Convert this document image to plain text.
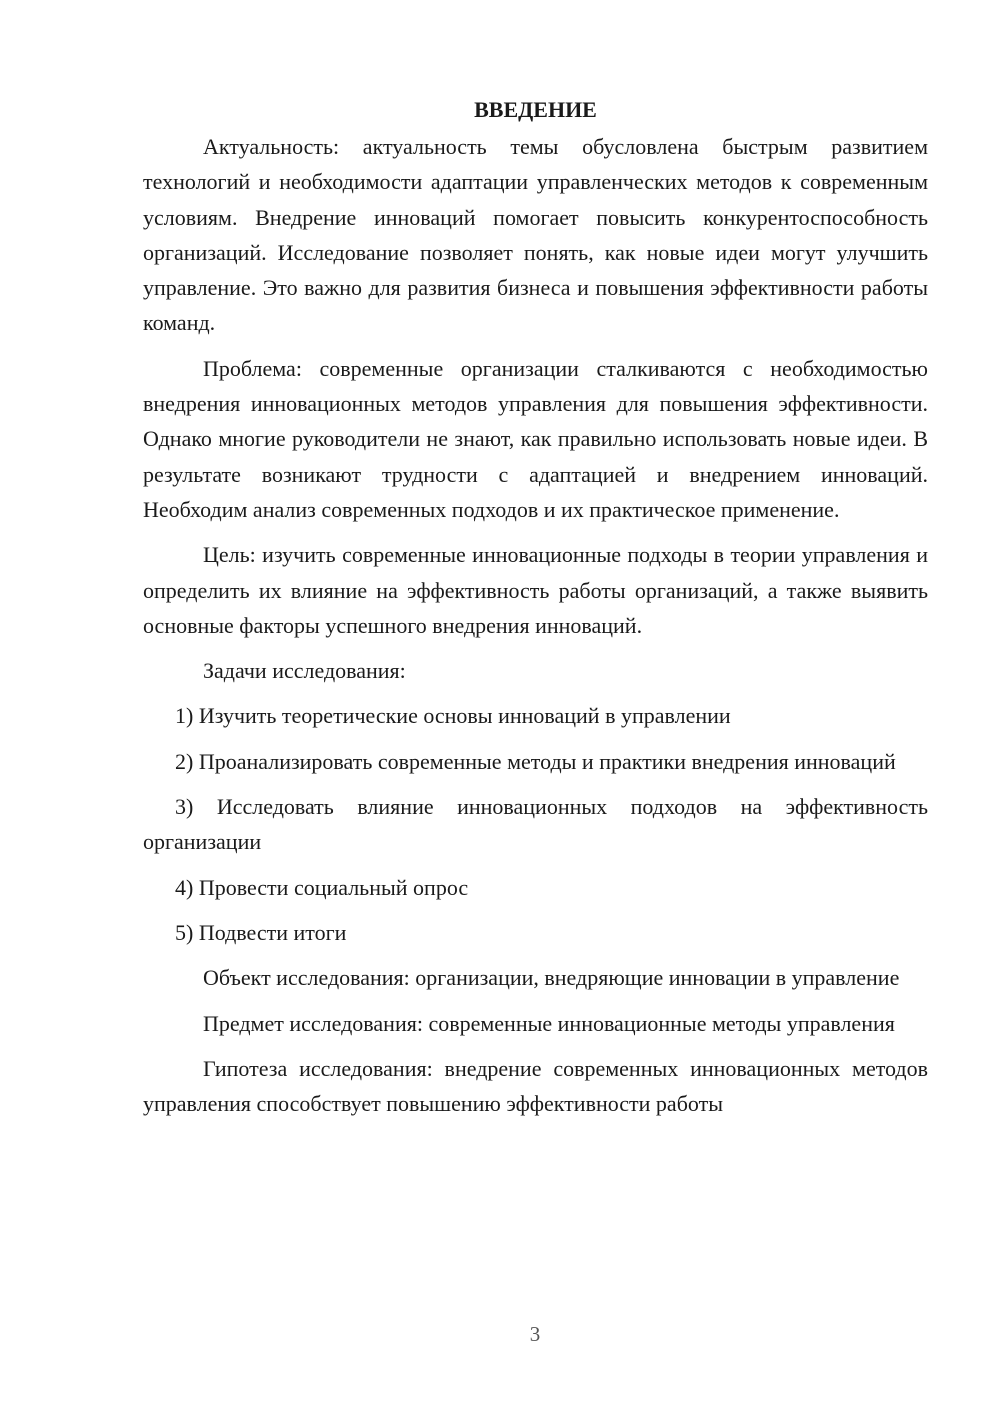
ВВЕДЕНИЕ

Актуальность: актуальность темы обусловлена быстрым развитием технологий и необходимости адаптации управленческих методов к современным условиям. Внедрение инноваций помогает повысить конкурентоспособность организаций. Исследование позволяет понять, как новые идеи могут улучшить управление. Это важно для развития бизнеса и повышения эффективности работы команд.

Проблема: современные организации сталкиваются с необходимостью внедрения инновационных методов управления для повышения эффективности. Однако многие руководители не знают, как правильно использовать новые идеи. В результате возникают трудности с адаптацией и внедрением инноваций. Необходим анализ современных подходов и их практическое применение.

Цель: изучить современные инновационные подходы в теории управления и определить их влияние на эффективность работы организаций, а также выявить основные факторы успешного внедрения инноваций.

Задачи исследования:

1) Изучить теоретические основы инноваций в управлении

2) Проанализировать современные методы и практики внедрения инноваций

3) Исследовать влияние инновационных подходов на эффективность организации

4) Провести социальный опрос

5) Подвести итоги

Объект исследования: организации, внедряющие инновации в управление

Предмет исследования: современные инновационные методы управления

Гипотеза исследования: внедрение современных инновационных методов управления способствует повышению эффективности работы

3
